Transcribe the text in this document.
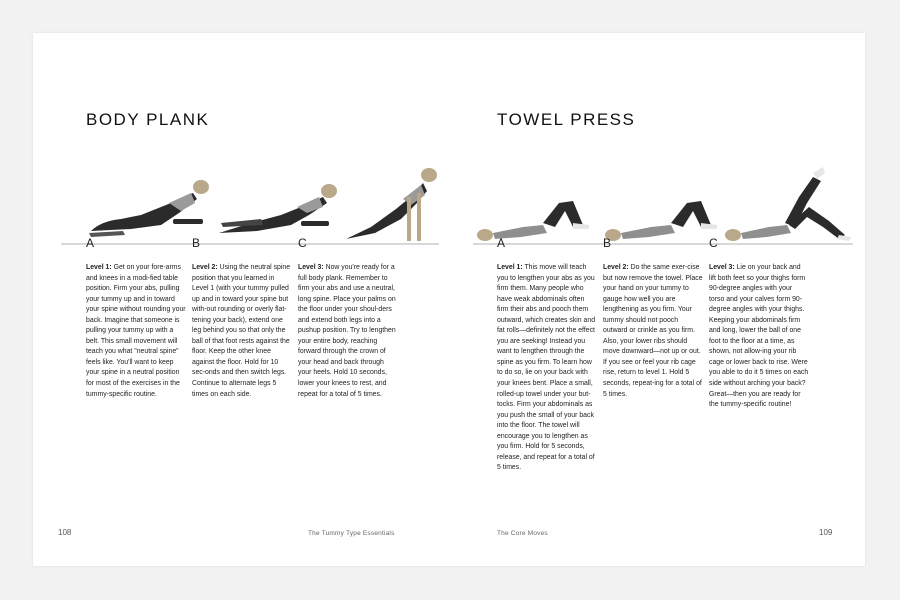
BODY PLANK
A
Level 1: Get on your fore-arms and knees in a modi-fied table position. Firm your abs, pulling your tummy up and in toward your spine without rounding your back. Imagine that someone is pulling your tummy up with a belt. This small movement will teach you what "neutral spine" feels like. You'll want to keep your spine in a neutral position for most of the exercises in the tummy-specific routine.
B
Level 2: Using the neutral spine position that you learned in Level 1 (with your tummy pulled up and in toward your spine but with-out rounding or overly flat-tening your back), extend one leg behind you so that only the ball of that foot rests against the floor. Keep the other knee against the floor. Hold for 10 sec-onds and then switch legs. Continue to alternate legs 5 times on each side.
C
Level 3: Now you're ready for a full body plank. Remember to firm your abs and use a neutral, long spine. Place your palms on the floor under your shoul-ders and extend both legs into a pushup position. Try to lengthen your entire body, reaching forward through the crown of your head and back through your heels. Hold 10 seconds, lower your knees to rest, and repeat for a total of 5 times.
108	The Tummy Type Essentials
TOWEL PRESS
A
Level 1: This move will teach you to lengthen your abs as you firm them. Many people who have weak abdominals often firm their abs and pooch them outward, which creates skin and fat rolls—definitely not the effect you are seeking! Instead you want to lengthen through the spine as you firm. To learn how to do so, lie on your back with your knees bent. Place a small, rolled-up towel under your but-tocks. Firm your abdominals as you push the small of your back into the floor. The towel will encourage you to lengthen as you firm. Hold for 5 seconds, release, and repeat for a total of 5 times.
B
Level 2: Do the same exer-cise but now remove the towel. Place your hand on your tummy to gauge how well you are lengthening as you firm. Your tummy should not pooch outward or crinkle as you firm. Also, your lower ribs should move downward—not up or out. If you see or feel your rib cage rise, return to level 1. Hold 5 seconds, repeat-ing for a total of 5 times.
C
Level 3: Lie on your back and lift both feet so your thighs form 90-degree angles with your torso and your calves form 90-degree angles with your thighs. Keeping your abdominals firm and long, lower the ball of one foot to the floor at a time, as shown, not allow-ing your rib cage or lower back to rise. Were you able to do it 5 times on each side without arching your back? Great—then you are ready for the tummy-specific routine!
The Core Moves	109
